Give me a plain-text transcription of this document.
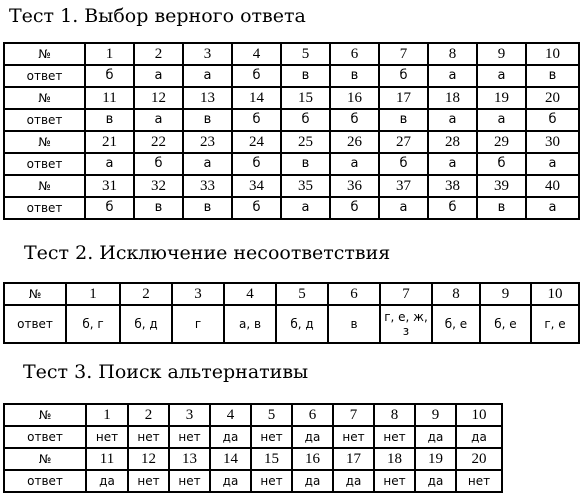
Тест 1. Выбор верного ответа
№	1	2	3	4	5	6	7	8	9	10
ответ	б	а	а	б	в	в	б	а	а	в
№	11	12	13	14	15	16	17	18	19	20
ответ	в	а	в	б	б	б	в	а	а	б
№	21	22	23	24	25	26	27	28	29	30
ответ	а	б	а	б	в	а	б	а	б	а
№	31	32	33	34	35	36	37	38	39	40
ответ	б	в	в	б	а	б	а	б	в	а
Тест 2. Исключение несоответствия
№	1	2	3	4	5	6	7	8	9	10
ответ	б, г	б, д	г	а, в	б, д	в	г, е, ж, з	б, е	б, е	г, е
Тест 3. Поиск альтернативы
№	1	2	3	4	5	6	7	8	9	10
ответ	нет	нет	нет	да	нет	да	нет	нет	да	да
№	11	12	13	14	15	16	17	18	19	20
ответ	да	нет	нет	да	нет	да	да	нет	да	нет
